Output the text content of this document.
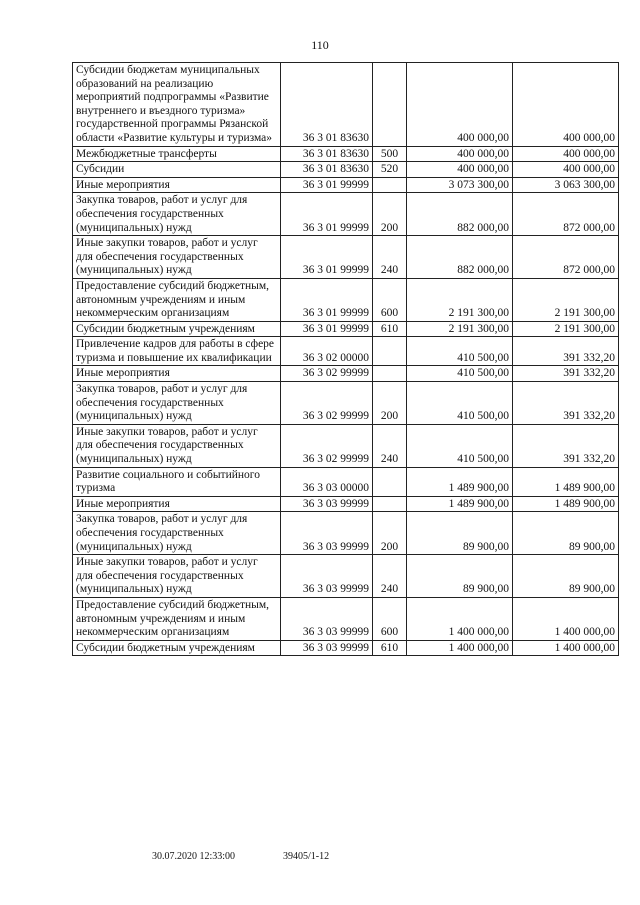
110
Субсидии бюджетам муниципальных образований на реализацию мероприятий подпрограммы «Развитие внутреннего и въездного туризма» государственной программы Рязанской области «Развитие культуры и туризма»	36 3 01 83630		400 000,00	400 000,00
Межбюджетные трансферты	36 3 01 83630	500	400 000,00	400 000,00
Субсидии	36 3 01 83630	520	400 000,00	400 000,00
Иные мероприятия	36 3 01 99999		3 073 300,00	3 063 300,00
Закупка товаров, работ и услуг для обеспечения государственных (муниципальных) нужд	36 3 01 99999	200	882 000,00	872 000,00
Иные закупки товаров, работ и услуг для обеспечения государственных (муниципальных) нужд	36 3 01 99999	240	882 000,00	872 000,00
Предоставление субсидий бюджетным, автономным учреждениям и иным некоммерческим организациям	36 3 01 99999	600	2 191 300,00	2 191 300,00
Субсидии бюджетным учреждениям	36 3 01 99999	610	2 191 300,00	2 191 300,00
Привлечение кадров для работы в сфере туризма и повышение их квалификации	36 3 02 00000		410 500,00	391 332,20
Иные мероприятия	36 3 02 99999		410 500,00	391 332,20
Закупка товаров, работ и услуг для обеспечения государственных (муниципальных) нужд	36 3 02 99999	200	410 500,00	391 332,20
Иные закупки товаров, работ и услуг для обеспечения государственных (муниципальных) нужд	36 3 02 99999	240	410 500,00	391 332,20
Развитие социального и событийного туризма	36 3 03 00000		1 489 900,00	1 489 900,00
Иные мероприятия	36 3 03 99999		1 489 900,00	1 489 900,00
Закупка товаров, работ и услуг для обеспечения государственных (муниципальных) нужд	36 3 03 99999	200	89 900,00	89 900,00
Иные закупки товаров, работ и услуг для обеспечения государственных (муниципальных) нужд	36 3 03 99999	240	89 900,00	89 900,00
Предоставление субсидий бюджетным, автономным учреждениям и иным некоммерческим организациям	36 3 03 99999	600	1 400 000,00	1 400 000,00
Субсидии бюджетным учреждениям	36 3 03 99999	610	1 400 000,00	1 400 000,00
30.07.2020 12:33:00	39405/1-12
